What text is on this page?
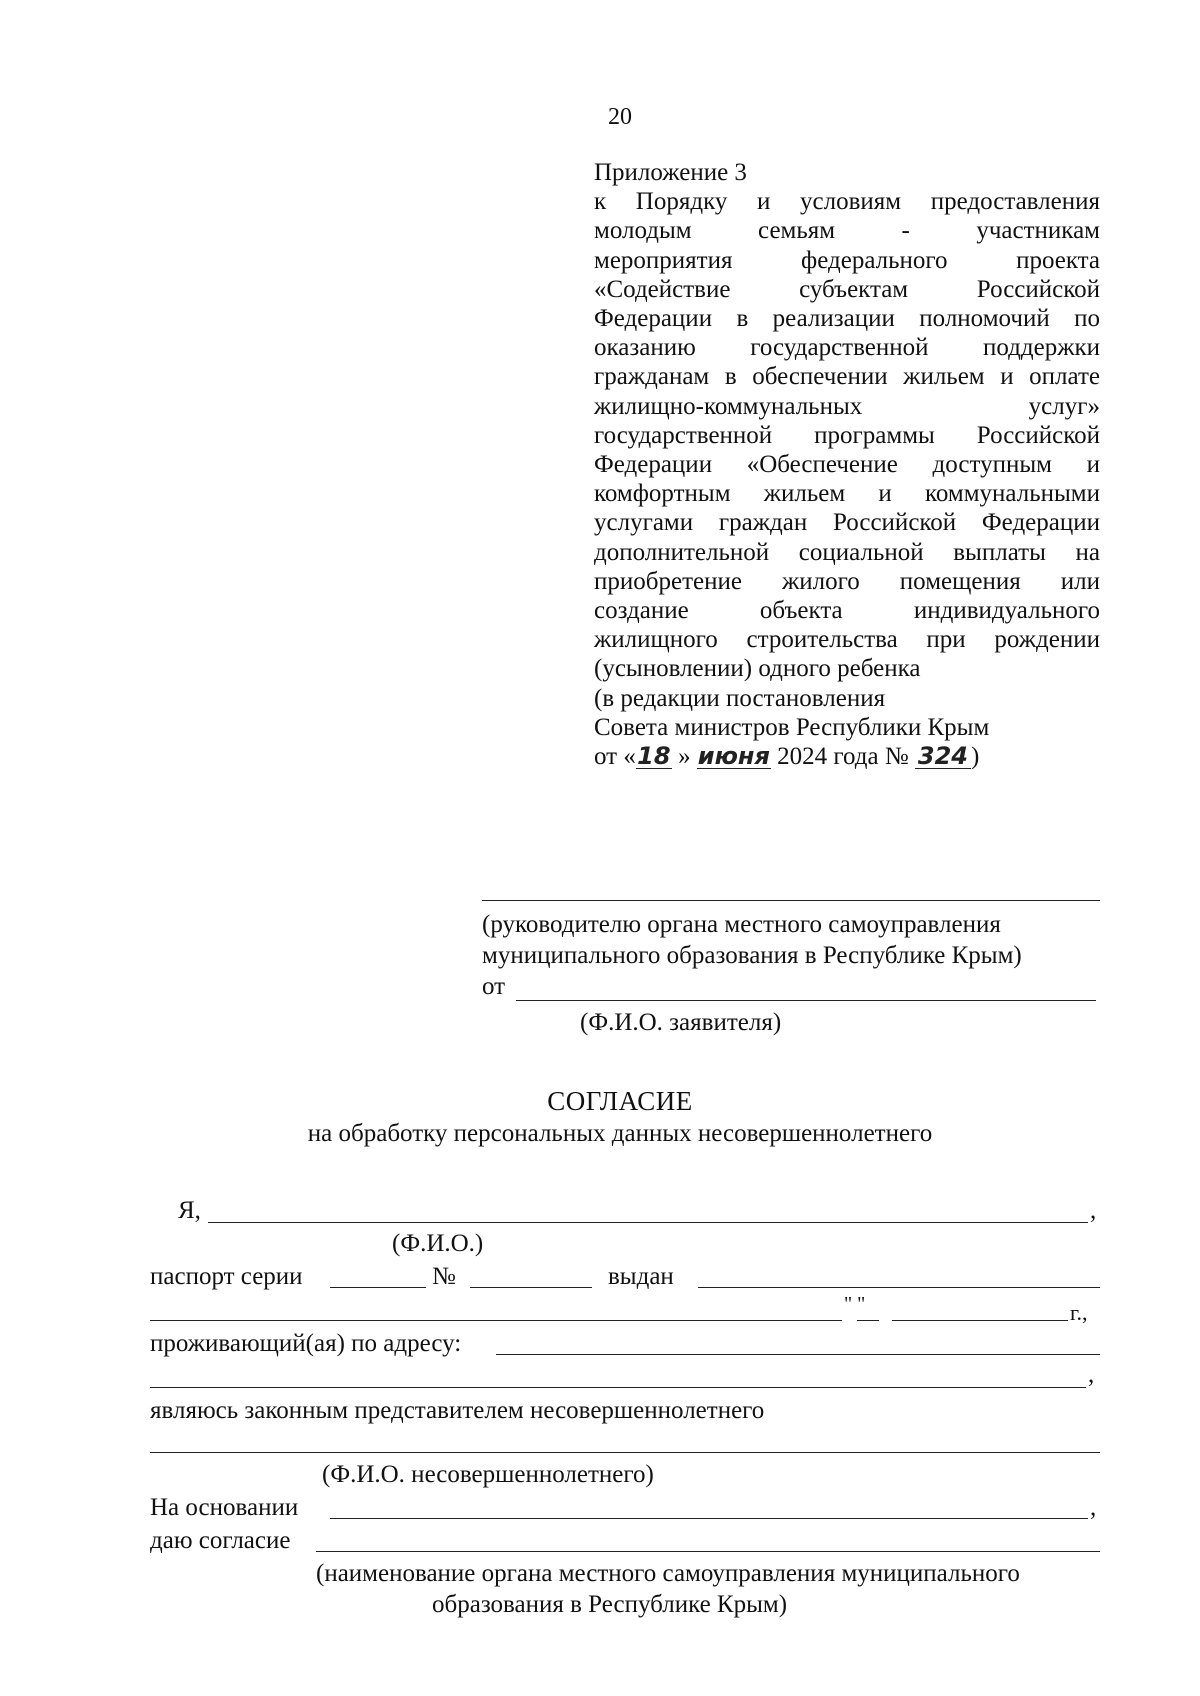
20
Приложение 3
к Порядку и условиям предоставления
молодым семьям - участникам
мероприятия федерального проекта
«Содействие субъектам Российской
Федерации в реализации полномочий по
оказанию государственной поддержки
гражданам в обеспечении жильем и оплате
жилищно-коммунальных услуг»
государственной программы Российской
Федерации «Обеспечение доступным и
комфортным жильем и коммунальными
услугами граждан Российской Федерации
дополнительной социальной выплаты на
приобретение жилого помещения или
создание объекта индивидуального
жилищного строительства при рождении
(усыновлении) одного ребенка
(в редакции постановления
Совета министров Республики Крым
от «18 » июня 2024 года № 324 )
(руководителю органа местного самоуправления
муниципального образования в Республике Крым)
от
(Ф.И.О. заявителя)
СОГЛАСИЕ
на обработку персональных данных несовершеннолетнего
Я,	,
(Ф.И.О.)
паспорт серии	№	выдан
" "	г.,
проживающий(ая) по адресу:
,
являюсь законным представителем несовершеннолетнего
(Ф.И.О. несовершеннолетнего)
На основании	,
даю согласие
(наименование органа местного самоуправления муниципального
образования в Республике Крым)
